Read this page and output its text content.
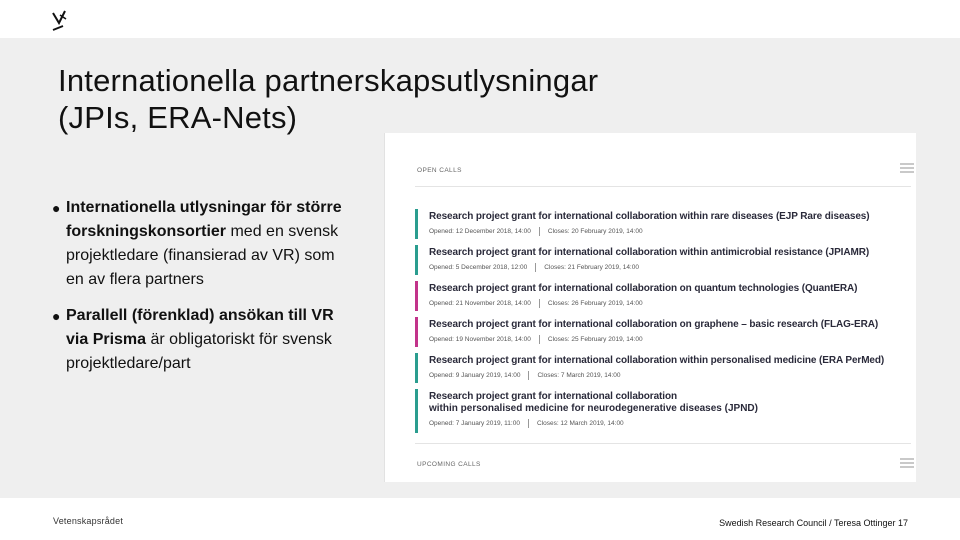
Internationella partnerskapsutlysningar
(JPIs, ERA-Nets)

● Internationella utlysningar för större forskningskonsortier med en svensk projektledare (finansierad av VR) som en av flera partners

● Parallell (förenklad) ansökan till VR via Prisma är obligatoriskt för svensk projektledare/part

OPEN CALLS
Research project grant for international collaboration within rare diseases (EJP Rare diseases)
Opened: 12 December 2018, 14:00	Closes: 20 February 2019, 14:00
Research project grant for international collaboration within antimicrobial resistance (JPIAMR)
Opened: 5 December 2018, 12:00	Closes: 21 February 2019, 14:00
Research project grant for international collaboration on quantum technologies (QuantERA)
Opened: 21 November 2018, 14:00	Closes: 26 February 2019, 14:00
Research project grant for international collaboration on graphene – basic research (FLAG-ERA)
Opened: 19 November 2018, 14:00	Closes: 25 February 2019, 14:00
Research project grant for international collaboration within personalised medicine (ERA PerMed)
Opened: 9 January 2019, 14:00	Closes: 7 March 2019, 14:00
Research project grant for international collaboration
within personalised medicine for neurodegenerative diseases (JPND)
Opened: 7 January 2019, 11:00	Closes: 12 March 2019, 14:00
UPCOMING CALLS
Vetenskapsrådet	Swedish Research Council / Teresa Ottinger 17
